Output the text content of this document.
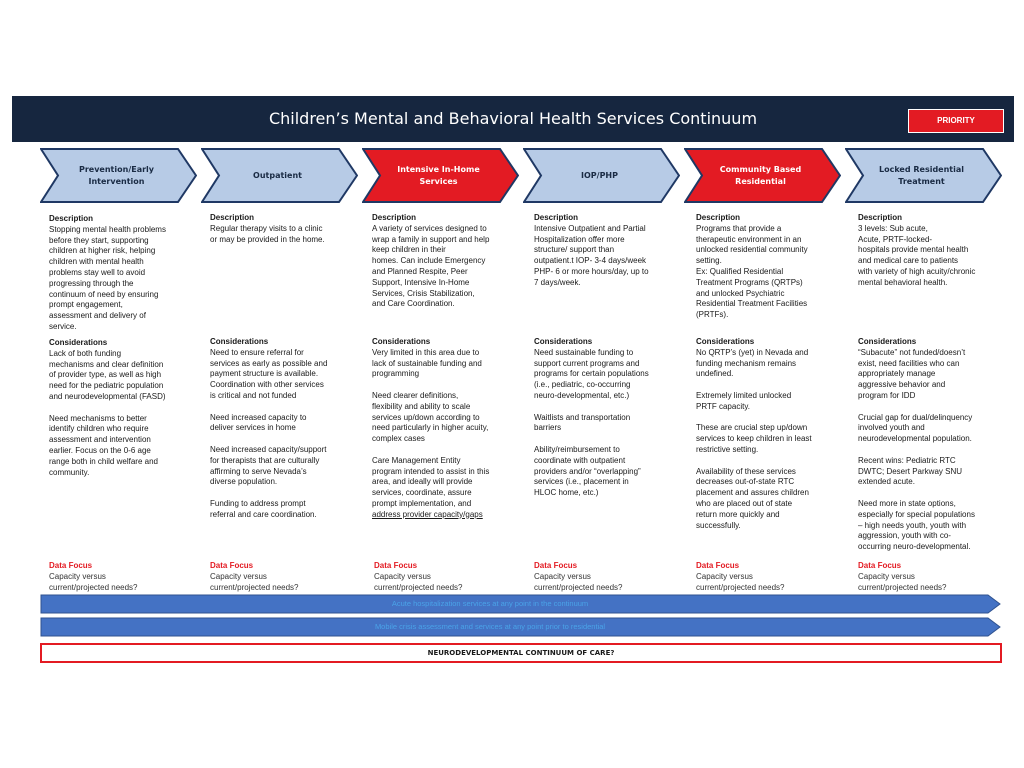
Children’s Mental and Behavioral Health Services Continuum	PRIORITY
Prevention/Early
Intervention
Outpatient
Intensive In-Home
Services
IOP/PHP
Community Based
Residential
Locked Residential
Treatment

Description

Stopping mental health problems
before they start, supporting
children at higher risk, helping
children with mental health
problems stay well to avoid
progressing through the
continuum of need by ensuring
prompt engagement,
assessment and delivery of
service.

Considerations

Lack of both funding
mechanisms and clear definition
of provider type, as well as high
need for the pediatric population
and neurodevelopmental (FASD)

Need mechanisms to better
identify children who require
assessment and intervention
earlier. Focus on the 0-6 age
range both in child welfare and
community.

Data Focus

Capacity versus
current/projected needs?

Description

Regular therapy visits to a clinic
or may be provided in the home.

Considerations

Need to ensure referral for
services as early as possible and
payment structure is available.
Coordination with other services
is critical and not funded

Need increased capacity to
deliver services in home

Need increased capacity/support
for therapists that are culturally
affirming to serve Nevada’s
diverse population.

Funding to address prompt
referral and care coordination.

Data Focus

Capacity versus
current/projected needs?

Description

A variety of services designed to
wrap a family in support and help
keep children in their
homes. Can include Emergency
and Planned Respite, Peer
Support, Intensive In-Home
Services, Crisis Stabilization,
and Care Coordination.

Considerations

Very limited in this area due to
lack of sustainable funding and
programming

Need clearer definitions,
flexibility and ability to scale
services up/down according to
need particularly in higher acuity,
complex cases

Care Management Entity
program intended to assist in this
area, and ideally will provide
services, coordinate, assure
prompt implementation, and

address provider capacity/gaps

Data Focus

Capacity versus
current/projected needs?

Description

Intensive Outpatient and Partial
Hospitalization offer more
structure/ support than
outpatient.t IOP- 3-4 days/week
PHP- 6 or more hours/day, up to
7 days/week.

Considerations

Need sustainable funding to
support current programs and
programs for certain populations
(i.e., pediatric, co-occurring
neuro-developmental, etc.)

Waitlists and transportation
barriers

Ability/reimbursement to
coordinate with outpatient
providers and/or “overlapping”
services (i.e., placement in
HLOC home, etc.)

Data Focus

Capacity versus
current/projected needs?

Description

Programs that provide a
therapeutic environment in an
unlocked residential community
setting.
Ex: Qualified Residential
Treatment Programs (QRTPs)
and unlocked Psychiatric
Residential Treatment Facilities
(PRTFs).

Considerations

No QRTP’s (yet) in Nevada and
funding mechanism remains
undefined.

Extremely limited unlocked
PRTF capacity.

These are crucial step up/down
services to keep children in least
restrictive setting.

Availability of these services
decreases out-of-state RTC
placement and assures children
who are placed out of state
return more quickly and
successfully.

Data Focus

Capacity versus
current/projected needs?

Description

3 levels: Sub acute,
Acute, PRTF-locked-
hospitals provide mental health
and medical care to patients
with variety of high acuity/chronic
mental behavioral health.

Considerations

“Subacute” not funded/doesn’t
exist, need facilities who can
appropriately manage
aggressive behavior and
program for IDD

Crucial gap for dual/delinquency
involved youth and
neurodevelopmental population.

Recent wins: Pediatric RTC
DWTC; Desert Parkway SNU
extended acute.

Need more in state options,
especially for special populations
– high needs youth, youth with
aggression, youth with co-
occurring neuro-developmental.

Data Focus

Capacity versus
current/projected needs?

Acute hospitalization services at any point in the continuum
Mobile crisis assessment and services at any point prior to residential
NEURODEVELOPMENTAL CONTINUUM OF CARE?
